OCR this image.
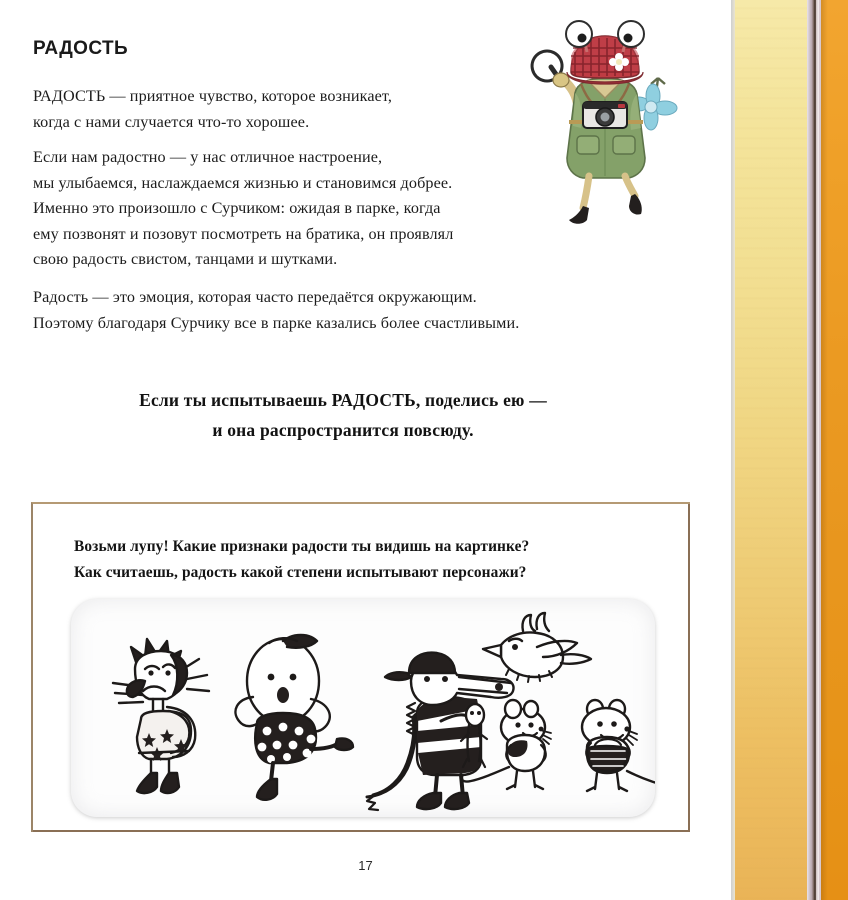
РАДОСТЬ
РАДОСТЬ — приятное чувство, которое возникает,
когда с нами случается что-то хорошее.
Если нам радостно — у нас отличное настроение,
мы улыбаемся, наслаждаемся жизнью и становимся добрее.
Именно это произошло с Сурчиком: ожидая в парке, когда
ему позвонят и позовут посмотреть на братика, он проявлял
свою радость свистом, танцами и шутками.
Радость — это эмоция, которая часто передаётся окружающим.
Поэтому благодаря Сурчику все в парке казались более счастливыми.
Если ты испытываешь РАДОСТЬ, поделись ею —
и она распространится повсюду.
Возьми лупу! Какие признаки радости ты видишь на картинке?
Как считаешь, радость какой степени испытывают персонажи?
17
